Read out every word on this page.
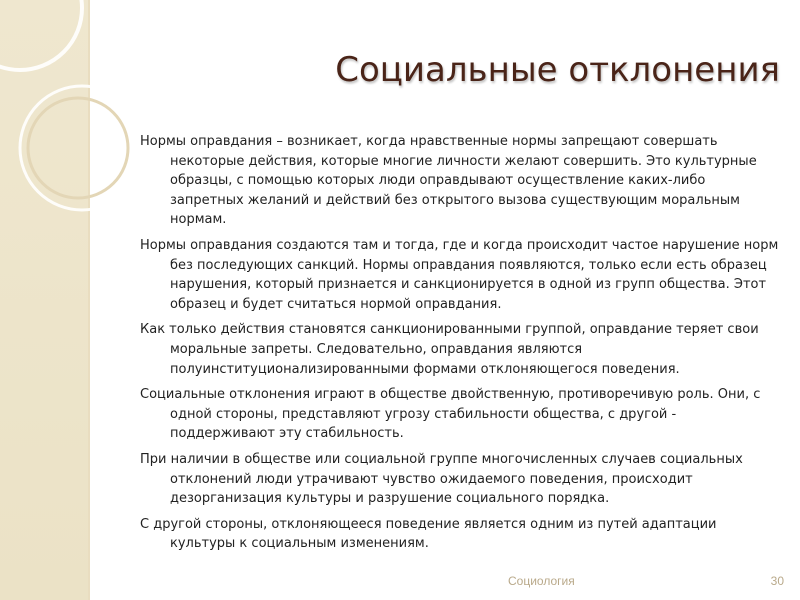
Социальные отклонения

Нормы оправдания – возникает, когда нравственные нормы запрещают совершать некоторые действия, которые многие личности желают совершить. Это культурные образцы, с помощью которых люди оправдывают осуществление каких-либо запретных желаний и действий без открытого вызова существующим моральным нормам.

Нормы оправдания создаются там и тогда, где и когда происходит частое нарушение норм без последующих санкций. Нормы оправдания появляются, только если есть образец нарушения, который признается и санкционируется в одной из групп общества. Этот образец и будет считаться нормой оправдания.

Как только действия становятся санкционированными группой, оправдание теряет свои моральные запреты. Следовательно, оправдания являются полуинституционализированными формами отклоняющегося поведения.

Социальные отклонения играют в обществе двойственную, противоречивую роль. Они, с одной стороны, представляют угрозу стабильности общества, с другой - поддерживают эту стабильность.

При наличии в обществе или социальной группе многочисленных случаев социальных отклонений люди утрачивают чувство ожидаемого поведения, происходит дезорганизация культуры и разрушение социального порядка.

С другой стороны, отклоняющееся поведение является одним из путей адаптации культуры к социальным изменениям.

Социология	30
